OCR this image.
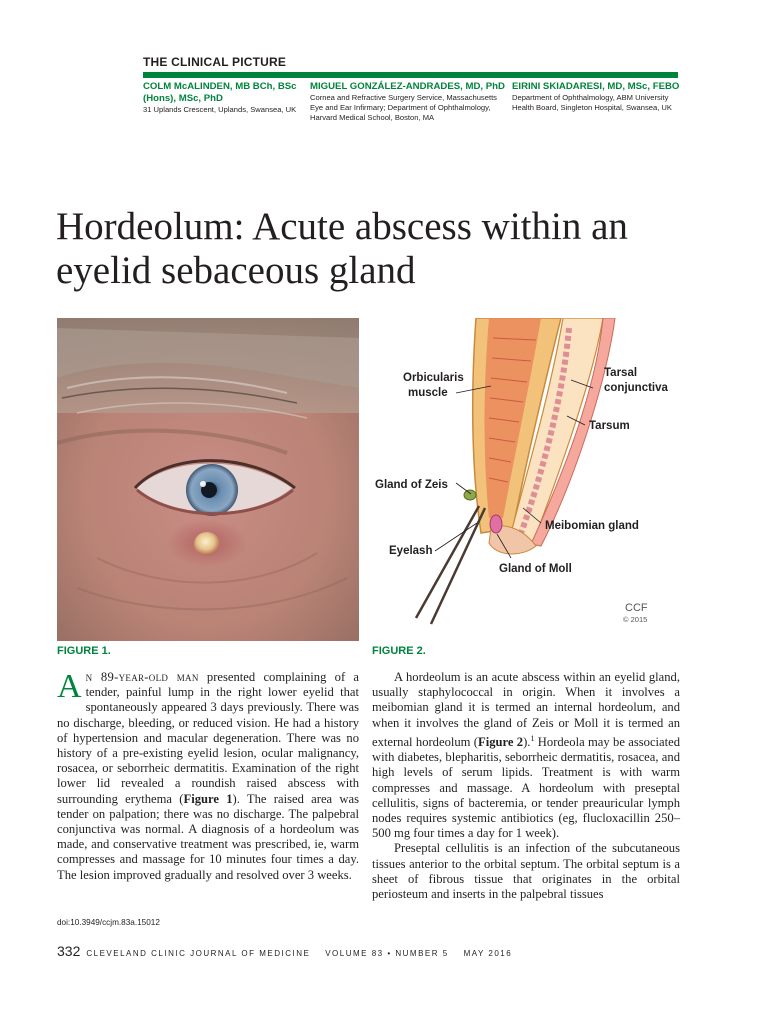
THE CLINICAL PICTURE
COLM McALINDEN, MB BCh, BSc (Hons), MSc, PhD
31 Uplands Crescent, Uplands, Swansea, UK
MIGUEL GONZÁLEZ-ANDRADES, MD, PhD
Cornea and Refractive Surgery Service, Massachusetts Eye and Ear Infirmary; Department of Ophthalmology, Harvard Medical School, Boston, MA
EIRINI SKIADARESI, MD, MSc, FEBO
Department of Ophthalmology, ABM University Health Board, Singleton Hospital, Swansea, UK
Hordeolum: Acute abscess within an eyelid sebaceous gland
Orbicularis
muscle
Tarsal
conjunctiva
Tarsum
Gland of Zeis
Meibomian gland
Eyelash
Gland of Moll
CCF
© 2015
FIGURE 1.	FIGURE 2.

An 89-year-old man presented complaining of a tender, painful lump in the right lower eyelid that spontaneously appeared 3 days previously. There was no discharge, bleeding, or reduced vision. He had a history of hypertension and macular degeneration. There was no history of a pre-existing eyelid lesion, ocular malignancy, rosacea, or seborrheic dermatitis. Examination of the right lower lid revealed a roundish raised abscess with surrounding erythema (Figure 1). The raised area was tender on palpation; there was no discharge. The palpebral conjunctiva was normal. A diagnosis of a hordeolum was made, and conservative treatment was prescribed, ie, warm compresses and massage for 10 minutes four times a day. The lesion improved gradually and resolved over 3 weeks.

A hordeolum is an acute abscess within an eyelid gland, usually staphylococcal in origin. When it involves a meibomian gland it is termed an internal hordeolum, and when it involves the gland of Zeis or Moll it is termed an external hordeolum (Figure 2).$^1$ Hordeola may be associated with diabetes, blepharitis, seborrheic dermatitis, rosacea, and high levels of serum lipids. Treatment is with warm compresses and massage. A hordeolum with preseptal cellulitis, signs of bacteremia, or tender preauricular lymph nodes requires systemic antibiotics (eg, flucloxacillin 250–500 mg four times a day for 1 week).

Preseptal cellulitis is an infection of the subcutaneous tissues anterior to the orbital septum. The orbital septum is a sheet of fibrous tissue that originates in the orbital periosteum and inserts in the palpebral tissues

doi:10.3949/ccjm.83a.15012
332 CLEVELAND CLINIC JOURNAL OF MEDICINE    VOLUME 83 • NUMBER 5    MAY 2016
